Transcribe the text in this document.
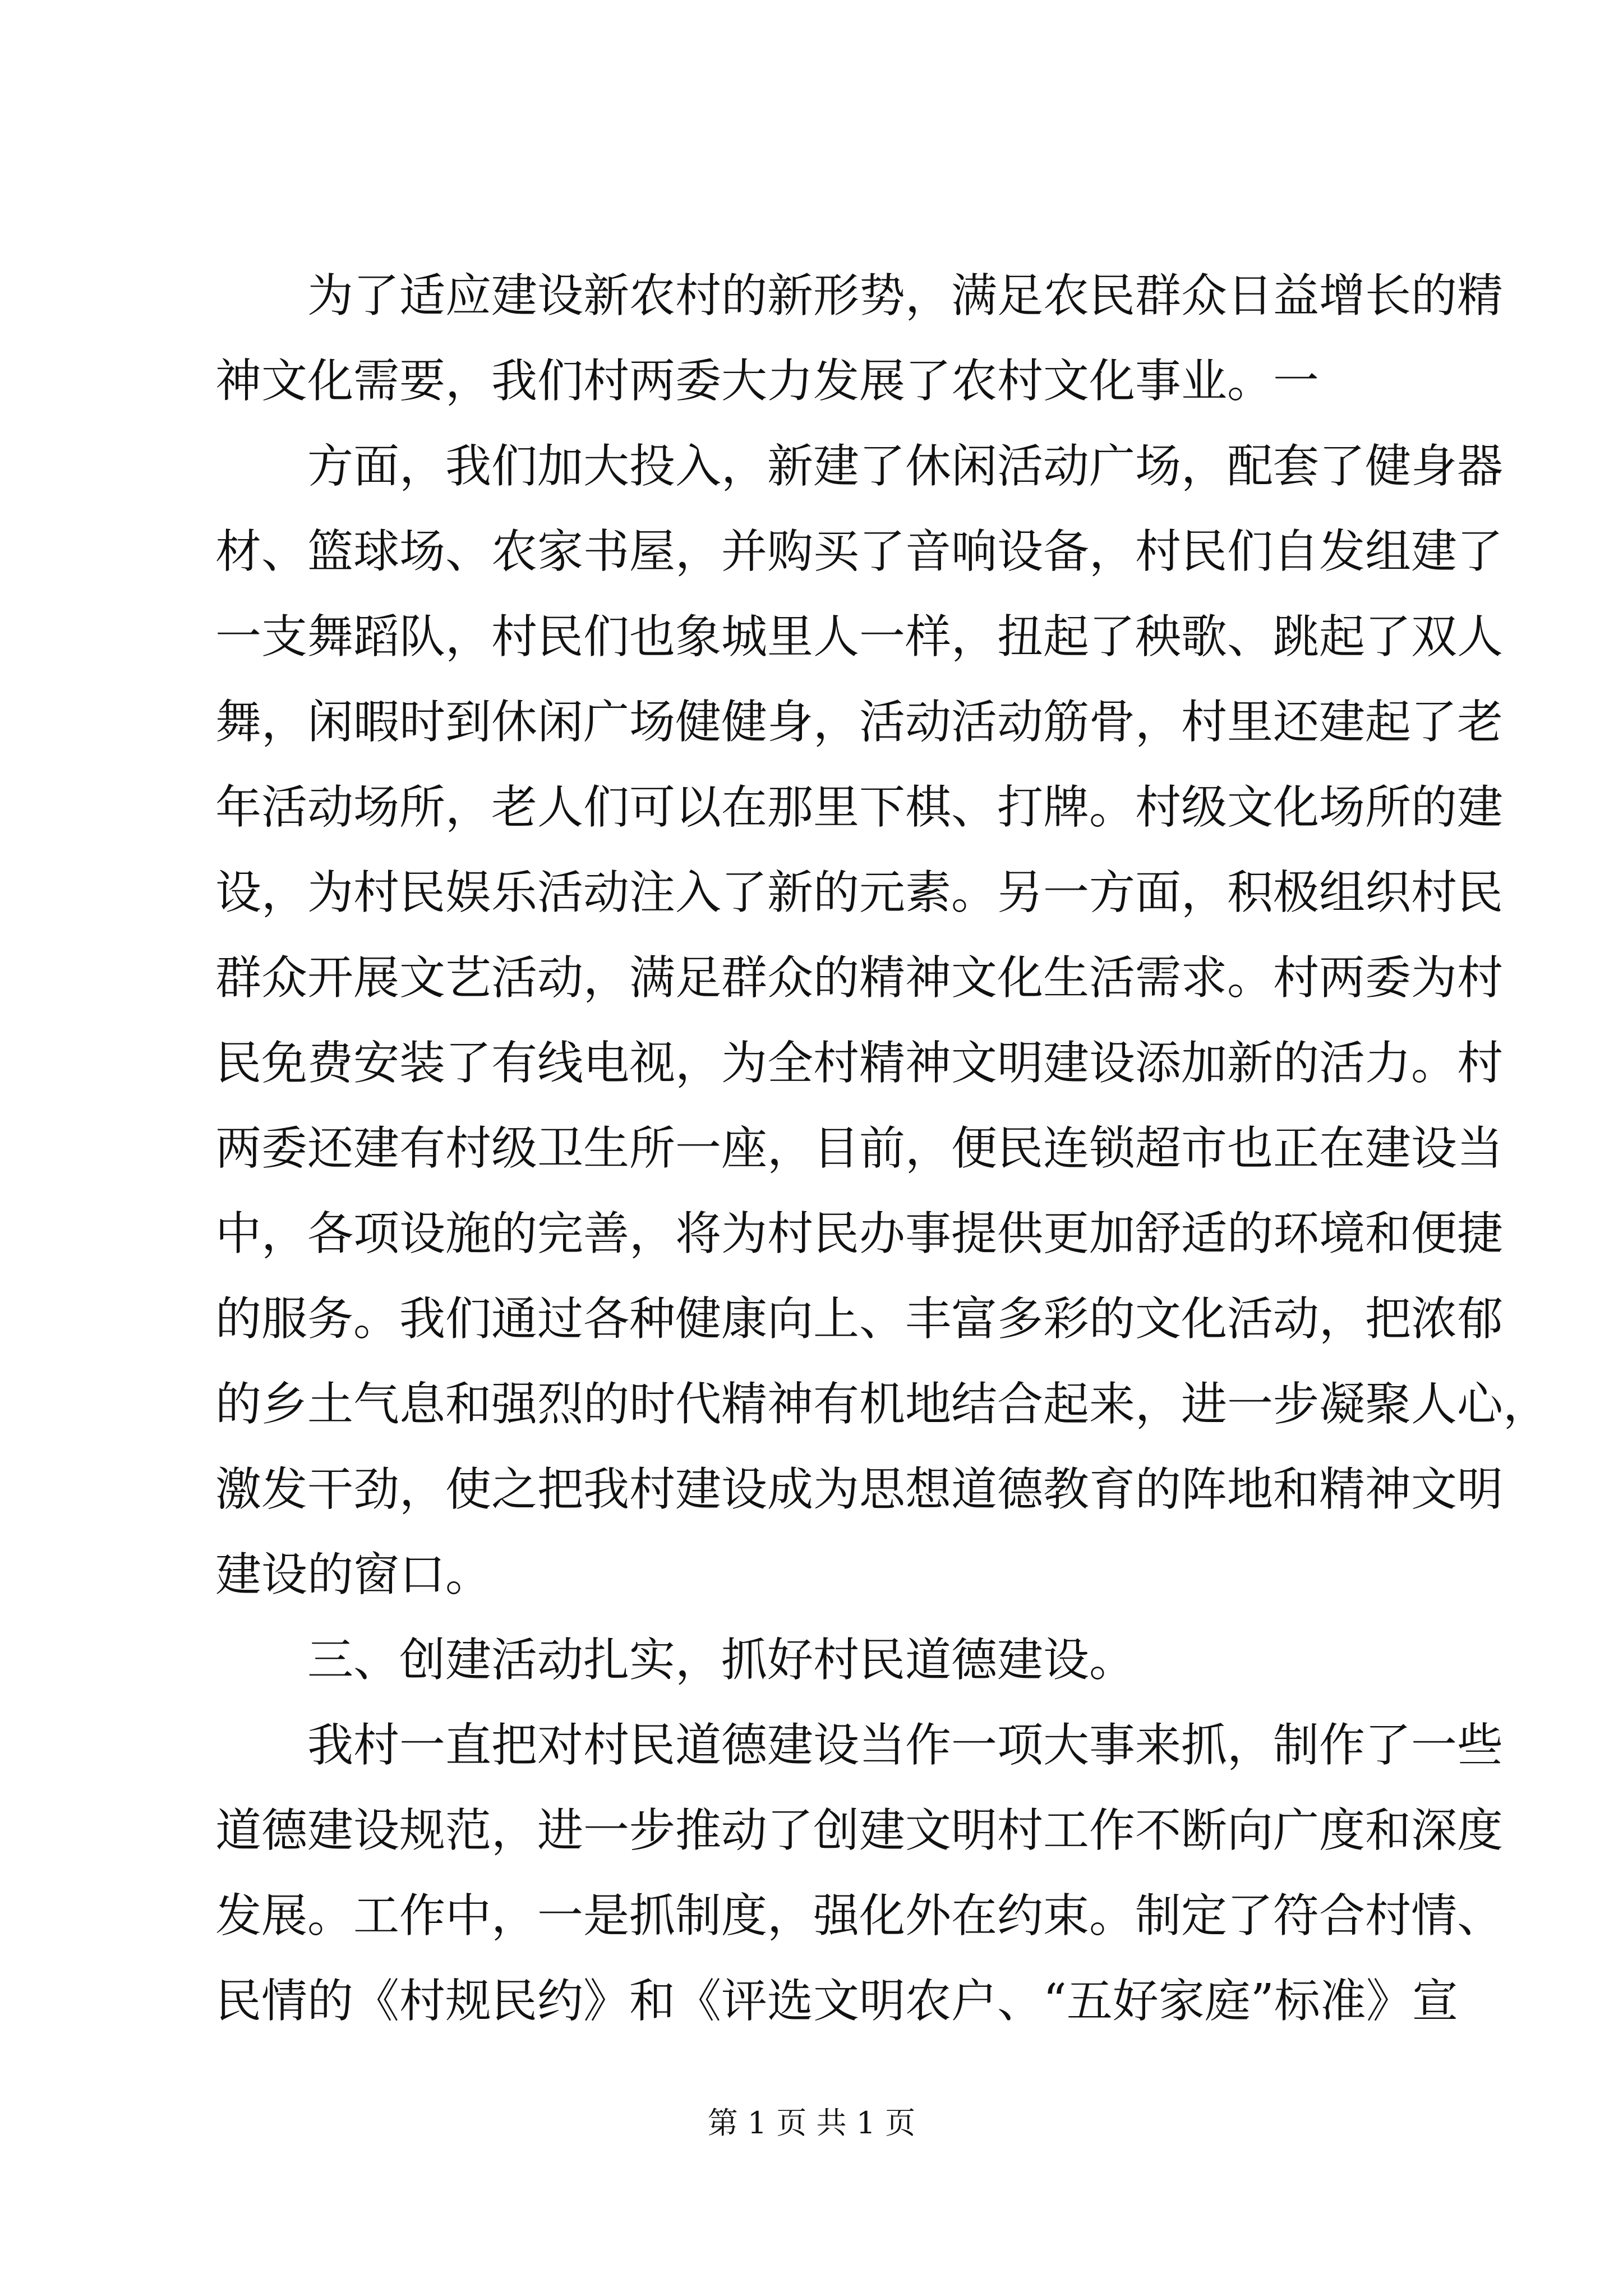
为了适应建设新农村的新形势，满足农民群众日益增长的精
神文化需要，我们村两委大力发展了农村文化事业。一
方面，我们加大投入，新建了休闲活动广场，配套了健身器
材、篮球场、农家书屋，并购买了音响设备，村民们自发组建了
一支舞蹈队，村民们也象城里人一样，扭起了秧歌、跳起了双人
舞，闲暇时到休闲广场健健身，活动活动筋骨，村里还建起了老
年活动场所，老人们可以在那里下棋、打牌。村级文化场所的建
设，为村民娱乐活动注入了新的元素。另一方面，积极组织村民
群众开展文艺活动，满足群众的精神文化生活需求。村两委为村
民免费安装了有线电视，为全村精神文明建设添加新的活力。村
两委还建有村级卫生所一座，目前，便民连锁超市也正在建设当
中，各项设施的完善，将为村民办事提供更加舒适的环境和便捷
的服务。我们通过各种健康向上、丰富多彩的文化活动，把浓郁
的乡土气息和强烈的时代精神有机地结合起来，进一步凝聚人心，
激发干劲，使之把我村建设成为思想道德教育的阵地和精神文明
建设的窗口。
三、创建活动扎实，抓好村民道德建设。
我村一直把对村民道德建设当作一项大事来抓，制作了一些
道德建设规范，进一步推动了创建文明村工作不断向广度和深度
发展。工作中，一是抓制度，强化外在约束。制定了符合村情、
民情的《村规民约》和《评选文明农户、“五好家庭”标准》宣
第 1 页 共 1 页
